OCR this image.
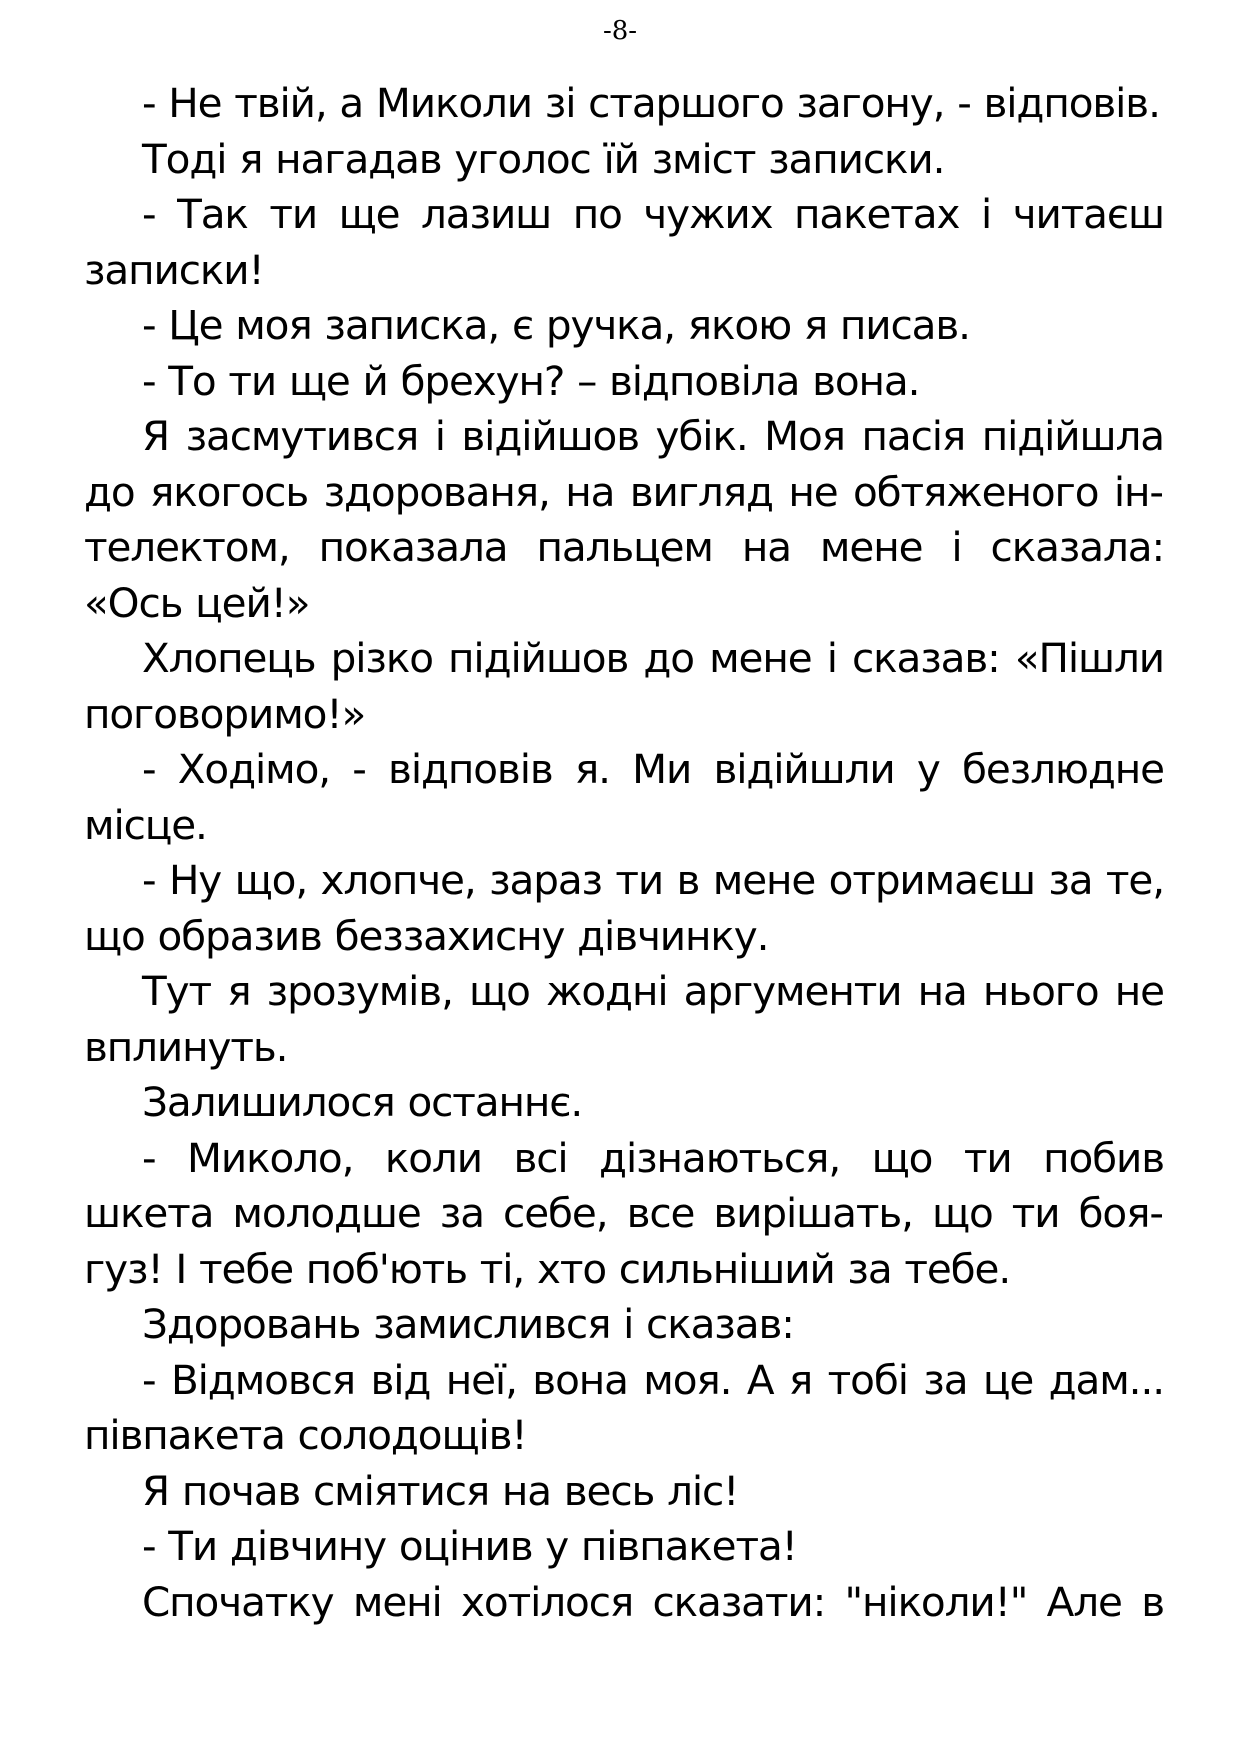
-8-

- Не твій, а Миколи зі старшого загону, - відповів.

Тоді я нагадав уголос їй зміст записки.

- Так ти ще лазиш по чужих пакетах і читаєш записки!

- Це моя записка, є ручка, якою я писав.

- То ти ще й брехун? – відповіла вона.

Я засмутився і відійшов убік. Моя пасія підійшла до якогось здорованя, на вигляд не обтяженого інтелектом, показала пальцем на мене і сказала: «Ось цей!»

Хлопець різко підійшов до мене і сказав: «Пішли поговоримо!»

- Ходімо, - відповів я. Ми відійшли у безлюдне місце.

- Ну що, хлопче, зараз ти в мене отримаєш за те, що образив беззахисну дівчинку.

Тут я зрозумів, що жодні аргументи на нього не вплинуть.

Залишилося останнє.

- Миколо, коли всі дізнаються, що ти побив шкета молодше за себе, все вирішать, що ти боягуз! І тебе поб'ють ті, хто сильніший за тебе.

Здоровань замислився і сказав:

- Відмовся від неї, вона моя. А я тобі за це дам... півпакета солодощів!

Я почав сміятися на весь ліс!

- Ти дівчину оцінив у півпакета!

Спочатку мені хотілося сказати: "ніколи!" Але в
